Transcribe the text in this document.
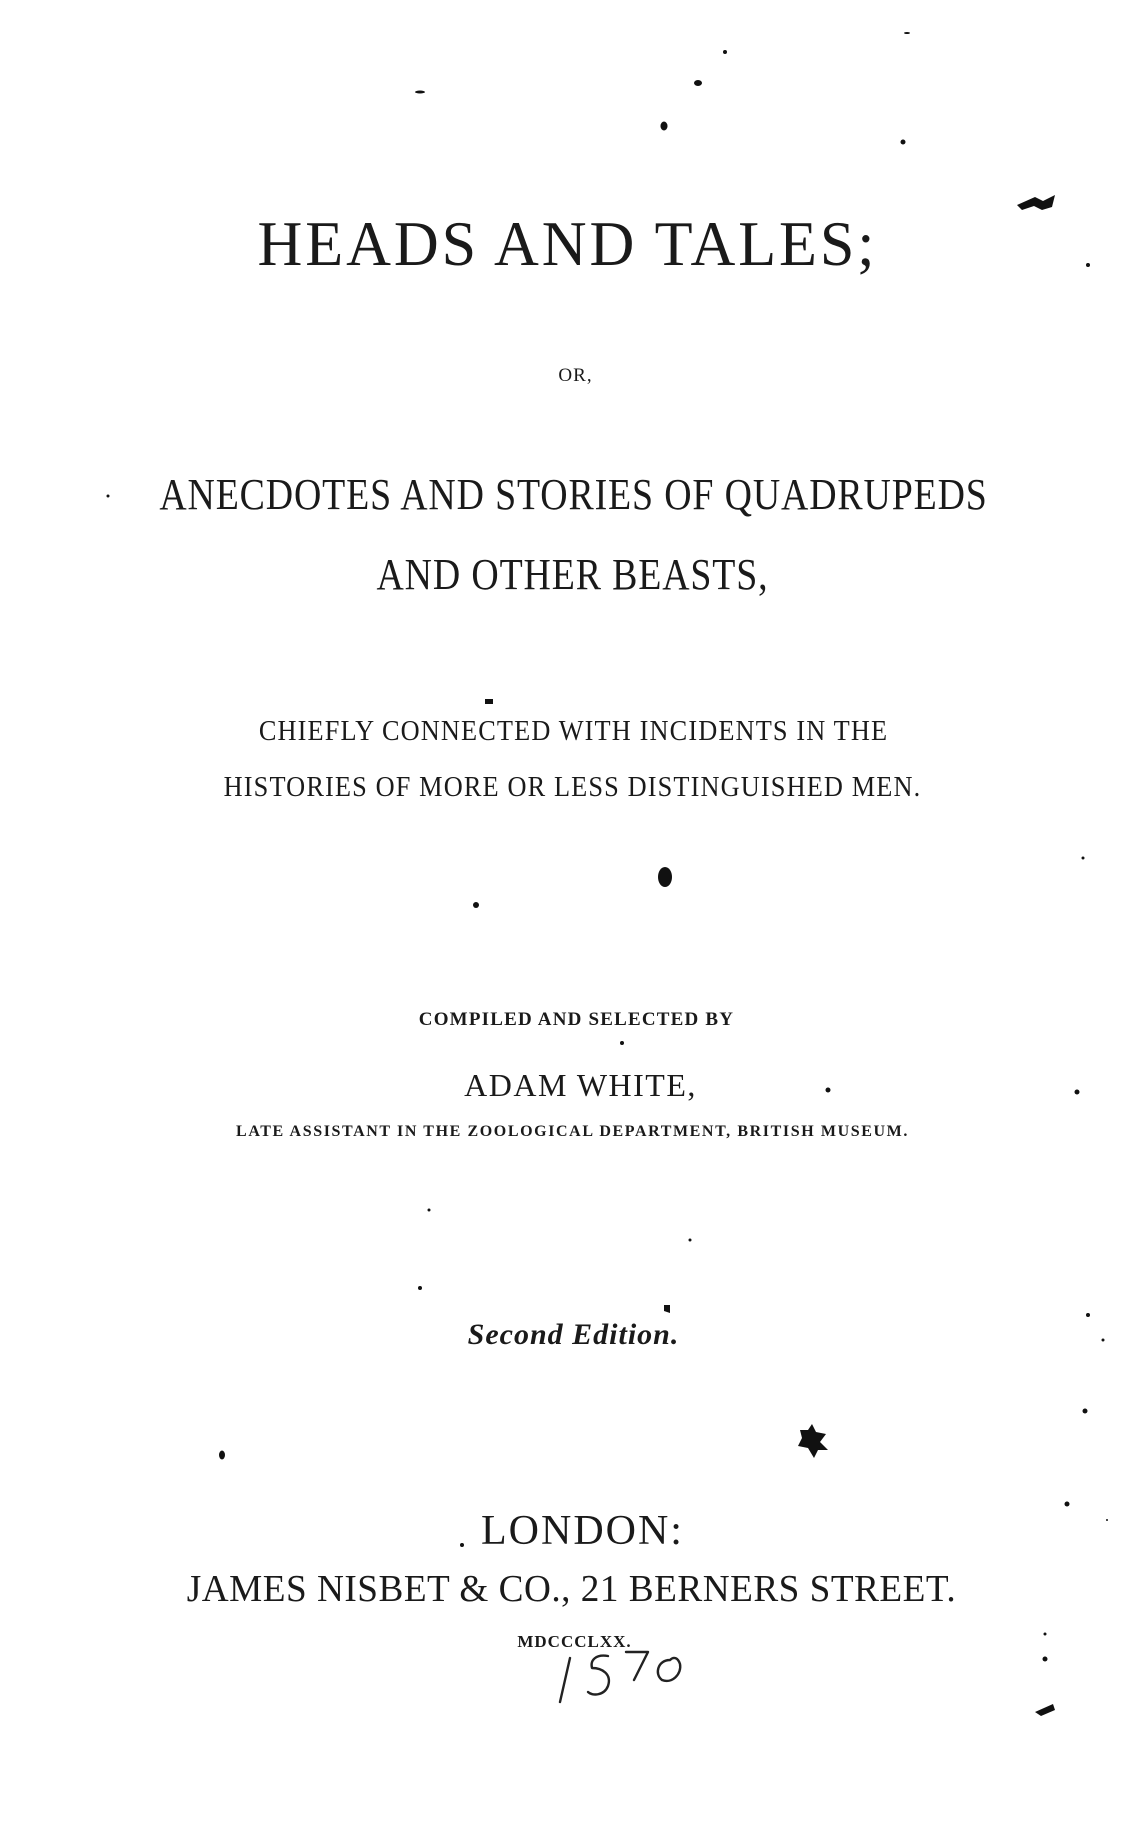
HEADS AND TALES;
OR,
ANECDOTES AND STORIES OF QUADRUPEDS
AND OTHER BEASTS,
CHIEFLY CONNECTED WITH INCIDENTS IN THE
HISTORIES OF MORE OR LESS DISTINGUISHED MEN.
COMPILED AND SELECTED BY
ADAM WHITE,
LATE ASSISTANT IN THE ZOOLOGICAL DEPARTMENT, BRITISH MUSEUM.
Second Edition.
LONDON:
JAMES NISBET & CO., 21 BERNERS STREET.
MDCCCLXX.
